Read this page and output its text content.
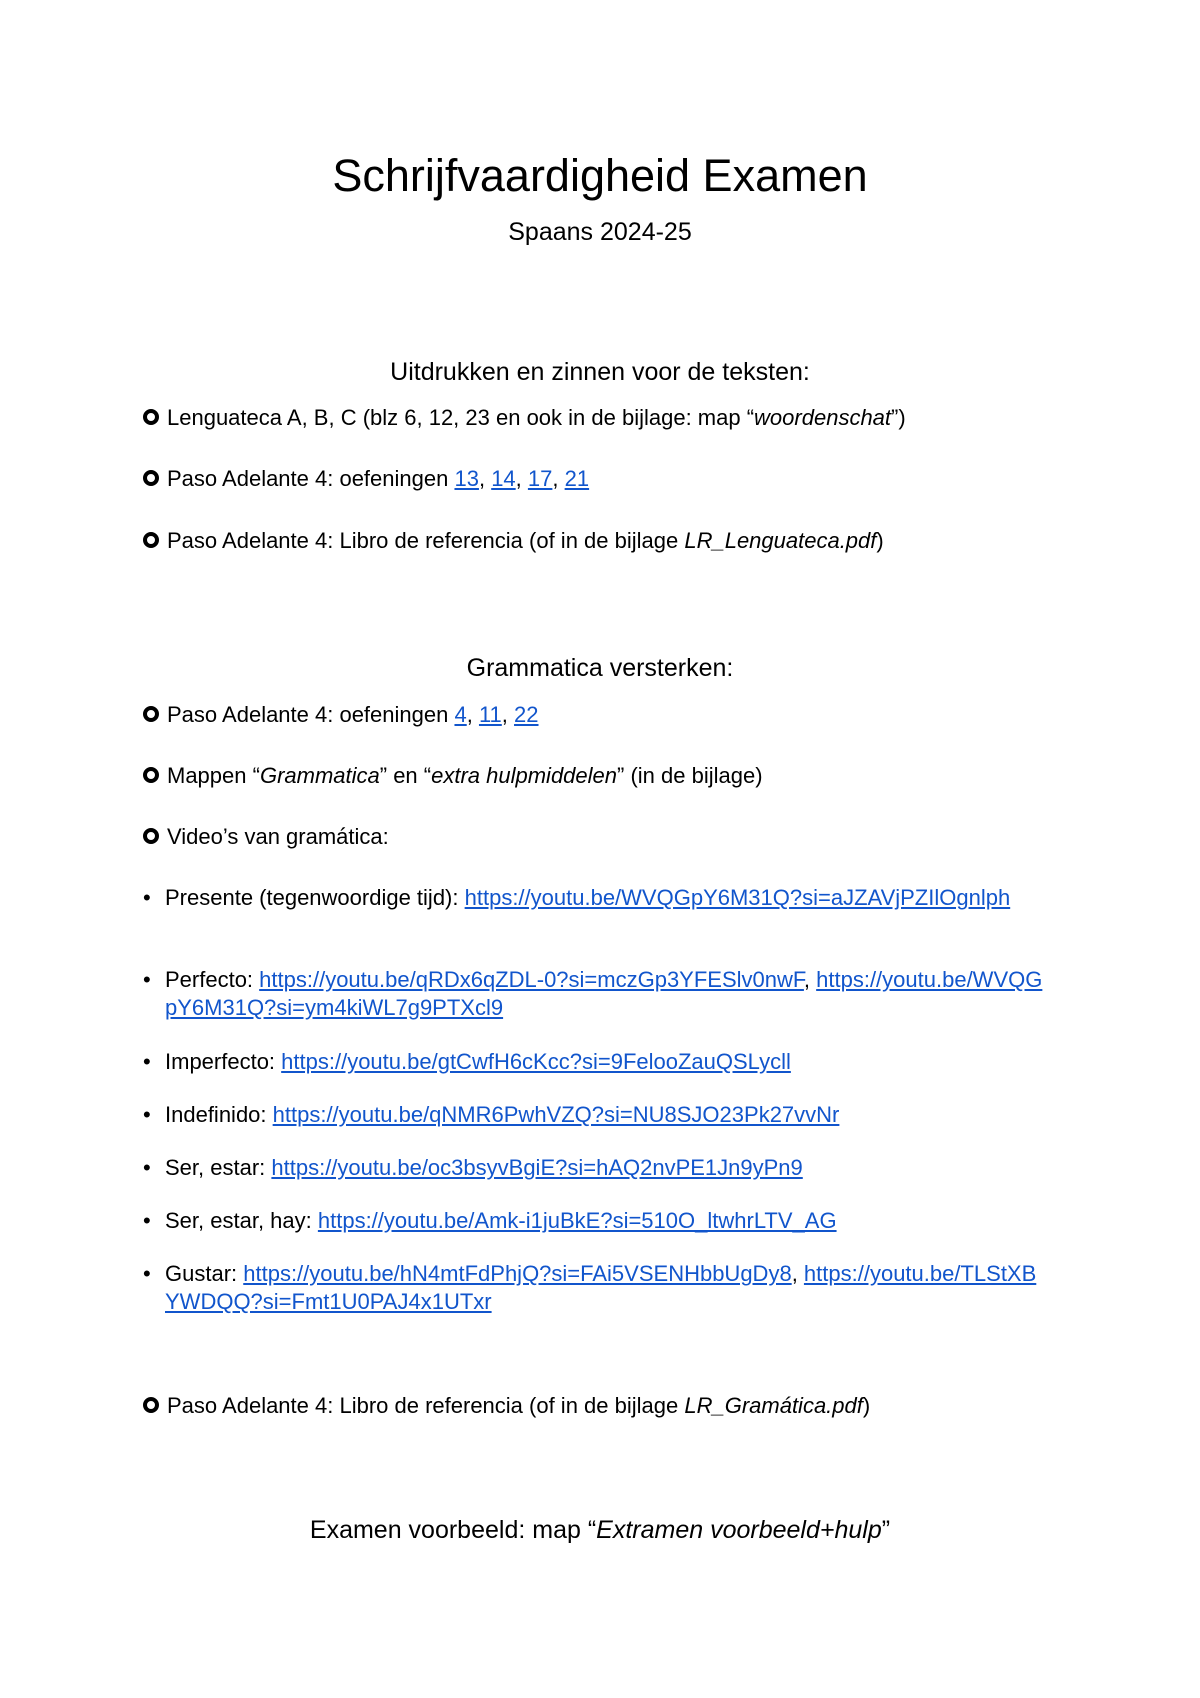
Schrijfvaardigheid Examen
Spaans 2024-25
Uitdrukken en zinnen voor de teksten:
Lenguateca A, B, C (blz 6, 12, 23 en ook in de bijlage: map “woordenschat”)
Paso Adelante 4: oefeningen 13, 14, 17, 21
Paso Adelante 4: Libro de referencia (of in de bijlage LR_Lenguateca.pdf)
Grammatica versterken:
Paso Adelante 4: oefeningen 4, 11, 22
Mappen “Grammatica” en “extra hulpmiddelen” (in de bijlage)
Video’s van gramática:
• Presente (tegenwoordige tijd): https://youtu.be/WVQGpY6M31Q?si=aJZAVjPZIlOgnlph
• Perfecto: https://youtu.be/qRDx6qZDL-0?si=mczGp3YFESlv0nwF, https://youtu.be/WVQGpY6M31Q?si=ym4kiWL7g9PTXcl9
• Imperfecto: https://youtu.be/gtCwfH6cKcc?si=9FelooZauQSLycll
• Indefinido: https://youtu.be/qNMR6PwhVZQ?si=NU8SJO23Pk27vvNr
• Ser, estar: https://youtu.be/oc3bsyvBgiE?si=hAQ2nvPE1Jn9yPn9
• Ser, estar, hay: https://youtu.be/Amk-i1juBkE?si=510O_ltwhrLTV_AG
• Gustar: https://youtu.be/hN4mtFdPhjQ?si=FAi5VSENHbbUgDy8, https://youtu.be/TLStXBYWDQQ?si=Fmt1U0PAJ4x1UTxr
Paso Adelante 4: Libro de referencia (of in de bijlage LR_Gramática.pdf)
Examen voorbeeld: map “Extramen voorbeeld+hulp”
